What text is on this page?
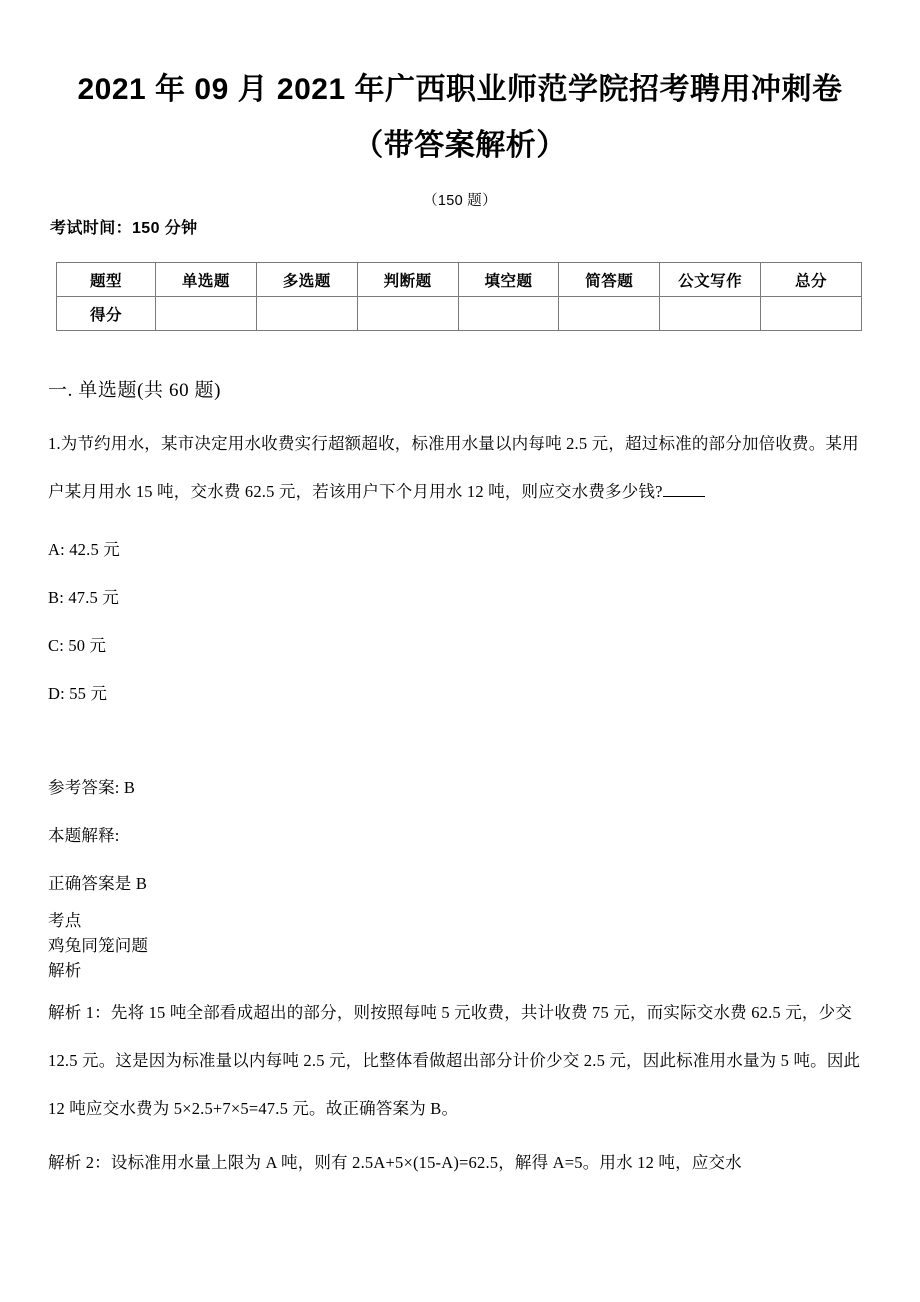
2021 年 09 月 2021 年广西职业师范学院招考聘用冲刺卷（带答案解析）

（150 题）

考试时间：150 分钟

题型	单选题	多选题	判断题	填空题	简答题	公文写作	总分
得分							
一. 单选题(共 60 题)

1.为节约用水，某市决定用水收费实行超额超收，标准用水量以内每吨 2.5 元，超过标准的部分加倍收费。某用户某月用水 15 吨，交水费 62.5 元，若该用户下个月用水 12 吨，则应交水费多少钱?

A: 42.5 元

B: 47.5 元

C: 50 元

D: 55 元

参考答案: B

本题解释:

正确答案是 B

考点

鸡兔同笼问题

解析

解析 1：先将 15 吨全部看成超出的部分，则按照每吨 5 元收费，共计收费 75 元，而实际交水费 62.5 元，少交 12.5 元。这是因为标准量以内每吨 2.5 元，比整体看做超出部分计价少交 2.5 元，因此标准用水量为 5 吨。因此 12 吨应交水费为 5×2.5+7×5=47.5 元。故正确答案为 B。

解析 2：设标准用水量上限为 A 吨，则有 2.5A+5×(15-A)=62.5，解得 A=5。用水 12 吨，应交水
